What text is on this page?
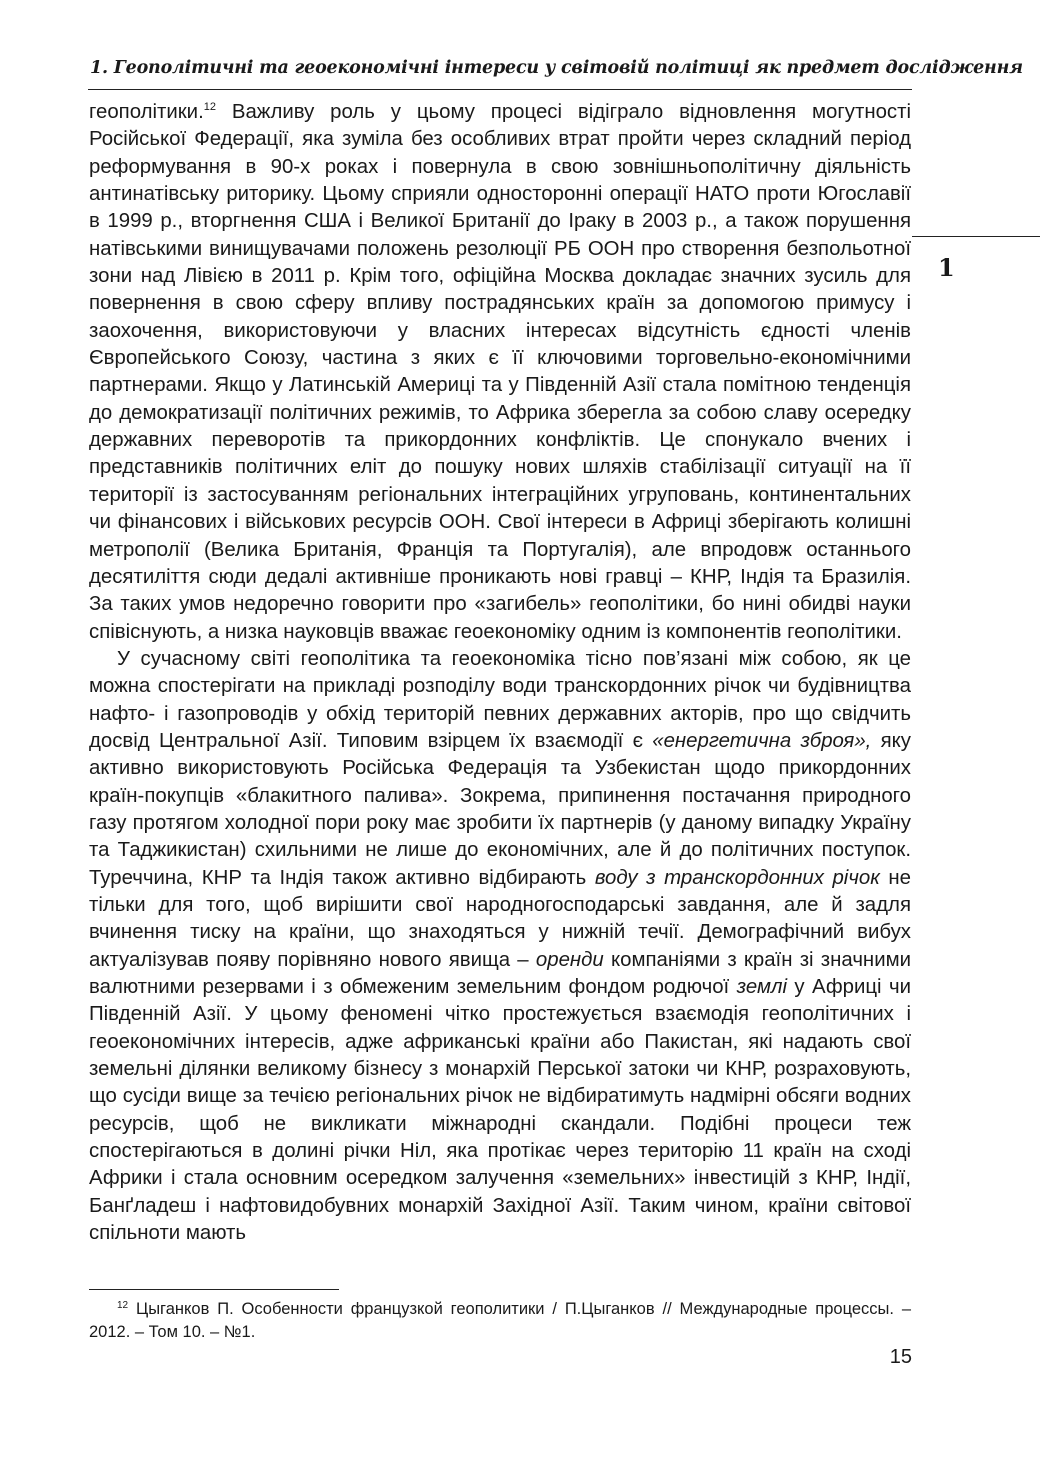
1. Геополітичні та геоекономічні інтереси у світовій політиці як предмет дослідження
1

геополітики.$^{12}$ Важливу роль у цьому процесі відіграло відновлення могутності Російської Федерації, яка зуміла без особливих втрат пройти через складний період реформування в 90-х роках і повернула в свою зовнішньополітичну діяльність антинатівську риторику. Цьому сприяли односторонні операції НАТО проти Югославії в 1999 р., вторгнення США і Великої Британії до Іраку в 2003 р., а також порушення натівськими винищувачами положень резолюції РБ ООН про створення безпольотної зони над Лівією в 2011 р. Крім того, офіційна Москва докладає значних зусиль для повернення в свою сферу впливу пострадянських країн за допомогою примусу і заохочення, використовуючи у власних інтересах відсутність єдності членів Європейського Союзу, частина з яких є її ключовими торговельно-економічними партнерами. Якщо у Латинській Америці та у Південній Азії стала помітною тенденція до демократизації політичних режимів, то Африка зберегла за собою славу осередку державних переворотів та прикордонних конфліктів. Це спонукало вчених і представників політичних еліт до пошуку нових шляхів стабілізації ситуації на її території із застосуванням регіональних інтеграційних угруповань, континентальних чи фінансових і військових ресурсів ООН. Свої інтереси в Африці зберігають колишні метрополії (Велика Британія, Франція та Португалія), але впродовж останнього десятиліття сюди дедалі активніше проникають нові гравці – КНР, Індія та Бразилія. За таких умов недоречно говорити про «загибель» геополітики, бо нині обидві науки співіснують, а низка науковців вважає геоекономіку одним із компонентів геополітики.

У сучасному світі геополітика та геоекономіка тісно пов’язані між собою, як це можна спостерігати на прикладі розподілу води транскордонних річок чи будівництва нафто- і газопроводів у обхід територій певних державних акторів, про що свідчить досвід Центральної Азії. Типовим взірцем їх взаємодії є «енергетична зброя», яку активно використовують Російська Федерація та Узбекистан щодо прикордонних країн-покупців «блакитного палива». Зокрема, припинення постачання природного газу протягом холодної пори року має зробити їх партнерів (у даному випадку Україну та Таджикистан) схильними не лише до економічних, але й до політичних поступок. Туреччина, КНР та Індія також активно відбирають воду з транскордонних річок не тільки для того, щоб вирішити свої народногосподарські завдання, але й задля вчинення тиску на країни, що знаходяться у нижній течії. Демографічний вибух актуалізував появу порівняно нового явища – оренди компаніями з країн зі значними валютними резервами і з обмеженим земельним фондом родючої землі у Африці чи Південній Азії. У цьому феномені чітко простежується взаємодія геополітичних і геоекономічних інтересів, адже африканські країни або Пакистан, які надають свої земельні ділянки великому бізнесу з монархій Перської затоки чи КНР, розраховують, що сусіди вище за течією регіональних річок не відбиратимуть надмірні обсяги водних ресурсів, щоб не викликати міжнародні скандали. Подібні процеси теж спостерігаються в долині річки Ніл, яка протікає через територію 11 країн на сході Африки і стала основним осередком залучення «земельних» інвестицій з КНР, Індії, Банґладеш і нафтовидобувних монархій Західної Азії. Таким чином, країни світової спільноти мають

$^{12}$ Цыганков П. Особенности французкой геополитики / П.Цыганков // Международные процессы. – 2012. – Том 10. – №1.
15
